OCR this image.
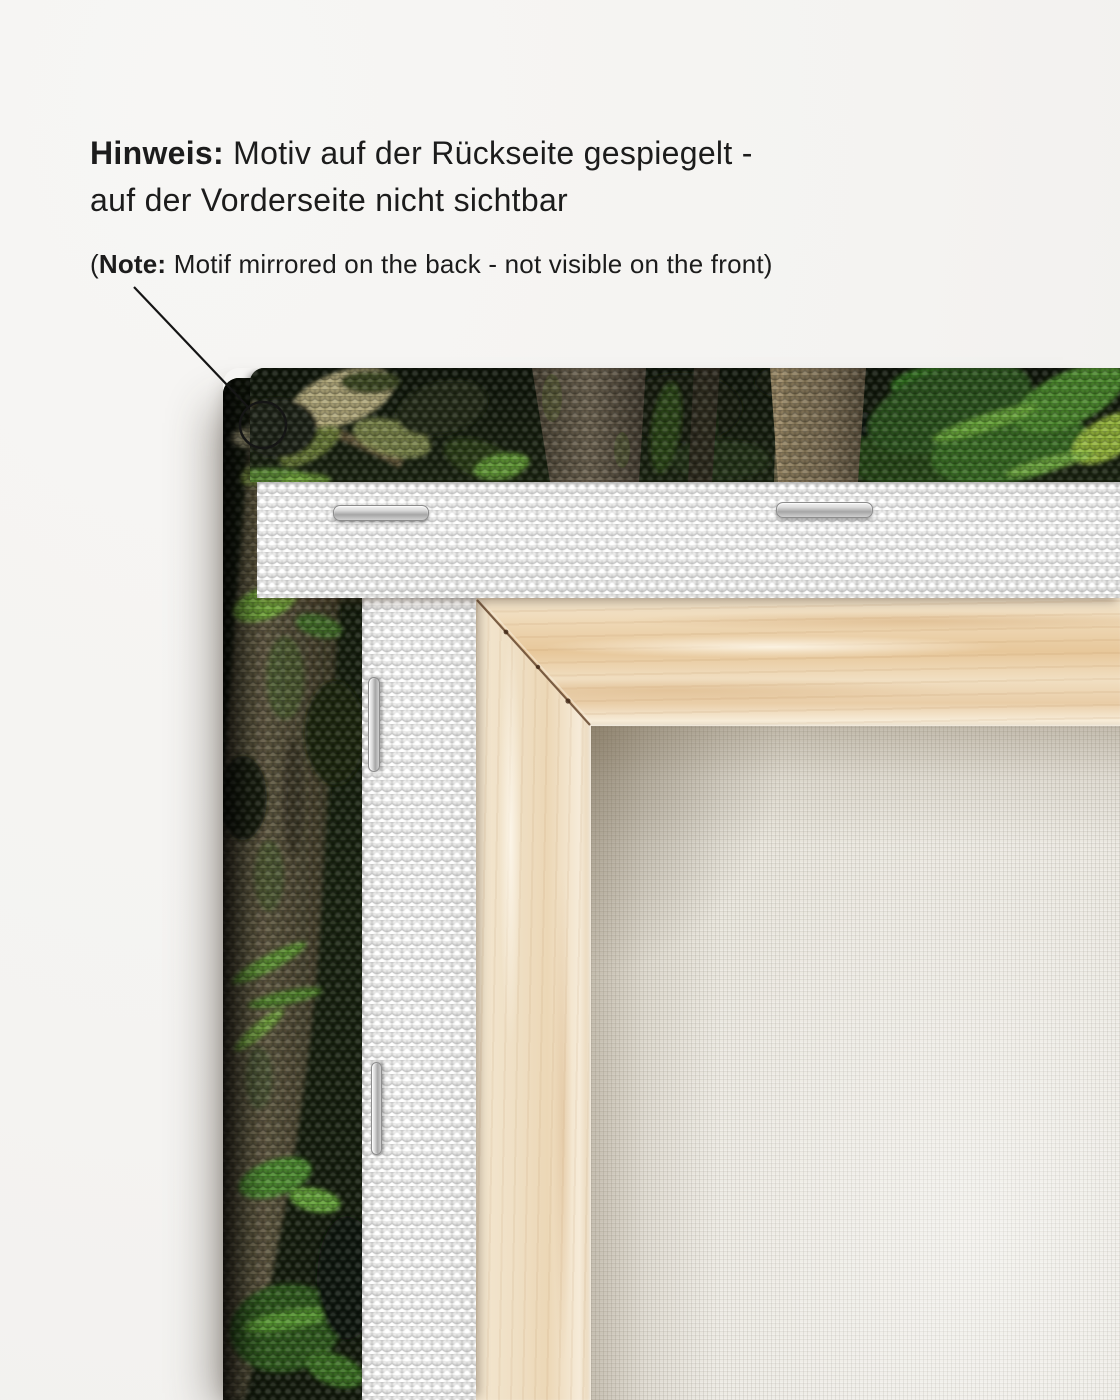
Hinweis: Motiv auf der Rückseite gespiegelt -
auf der Vorderseite nicht sichtbar
(Note: Motif mirrored on the back - not visible on the front)
